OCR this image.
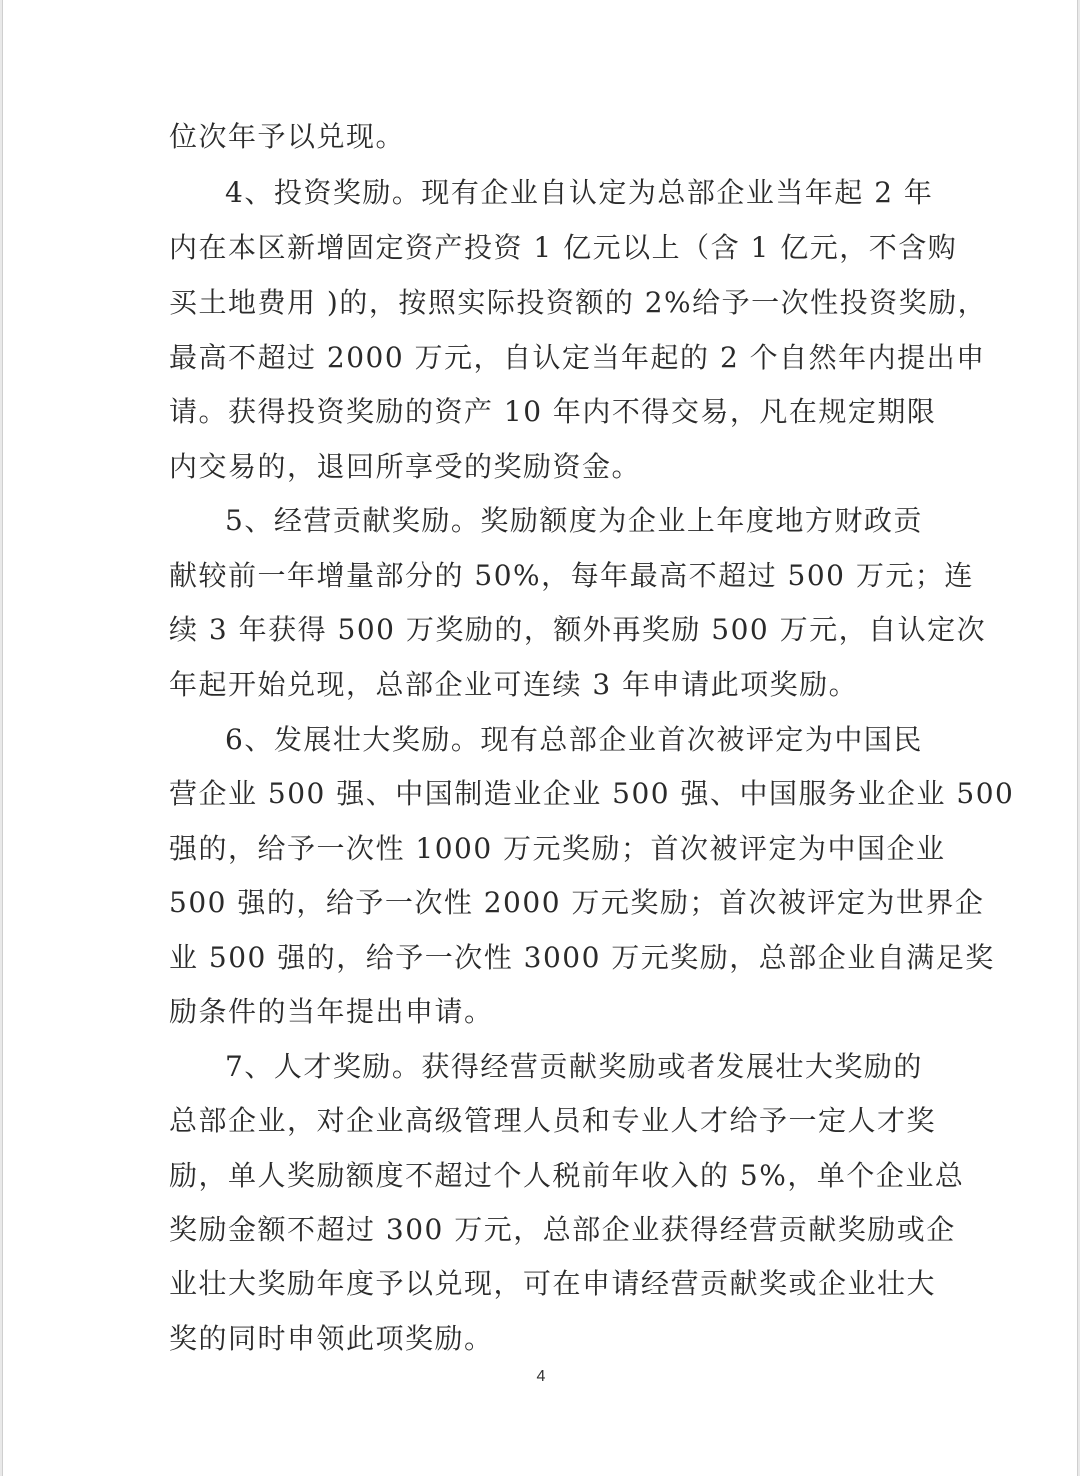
位次年予以兑现。
4、投资奖励。现有企业自认定为总部企业当年起 2 年
内在本区新增固定资产投资 1 亿元以上（含 1 亿元，不含购
买土地费用 )的，按照实际投资额的 2%给予一次性投资奖励，
最高不超过 2000 万元，自认定当年起的 2 个自然年内提出申
请。获得投资奖励的资产 10 年内不得交易，凡在规定期限
内交易的，退回所享受的奖励资金。
5、经营贡献奖励。奖励额度为企业上年度地方财政贡
献较前一年增量部分的 50%，每年最高不超过 500 万元；连
续 3 年获得 500 万奖励的，额外再奖励 500 万元，自认定次
年起开始兑现，总部企业可连续 3 年申请此项奖励。
6、发展壮大奖励。现有总部企业首次被评定为中国民
营企业 500 强、中国制造业企业 500 强、中国服务业企业 500
强的，给予一次性 1000 万元奖励；首次被评定为中国企业
500 强的，给予一次性 2000 万元奖励；首次被评定为世界企
业 500 强的，给予一次性 3000 万元奖励，总部企业自满足奖
励条件的当年提出申请。
7、人才奖励。获得经营贡献奖励或者发展壮大奖励的
总部企业，对企业高级管理人员和专业人才给予一定人才奖
励，单人奖励额度不超过个人税前年收入的 5%，单个企业总
奖励金额不超过 300 万元，总部企业获得经营贡献奖励或企
业壮大奖励年度予以兑现，可在申请经营贡献奖或企业壮大
奖的同时申领此项奖励。
4
